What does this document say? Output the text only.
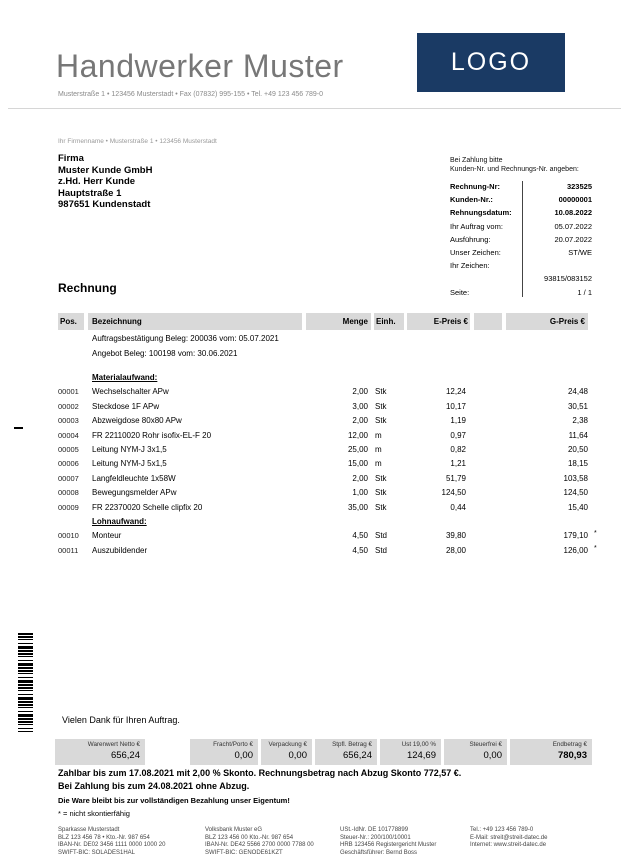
Handwerker Muster
Musterstraße 1 • 123456 Musterstadt • Fax (07832) 995-155 • Tel. +49 123 456 789-0
LOGO
Ihr Firmenname • Musterstraße 1 • 123456 Musterstadt
Firma
Muster Kunde GmbH
z.Hd. Herr Kunde
Hauptstraße 1
987651 Kundenstadt
Bei Zahlung bitte
Kunden-Nr. und Rechnungs-Nr. angeben:
Rechnung-Nr:	323525
Kunden-Nr.:	00000001
Rehnungsdatum:	10.08.2022
Ihr Auftrag vom:	05.07.2022
Ausführung:	20.07.2022
Unser Zeichen:	ST/WE
Ihr Zeichen:
93815/083152
Seite:	1 / 1
Rechnung
Pos.	Bezeichnung	Menge	Einh.	E-Preis €	G-Preis €
Auftragsbestätigung Beleg: 200036 vom: 05.07.2021
Angebot Beleg: 100198 vom: 30.06.2021
Materialaufwand:
00001 Wechselschalter APw	2,00 Stk	12,24	24,48
00002 Steckdose 1F APw	3,00 Stk	10,17	30,51
00003 Abzweigdose 80x80 APw	2,00 Stk	1,19	2,38
00004 FR 22110020 Rohr isofix-EL-F 20	12,00 m	0,97	11,64
00005 Leitung NYM-J 3x1,5	25,00 m	0,82	20,50
00006 Leitung NYM-J 5x1,5	15,00 m	1,21	18,15
00007 Langfeldleuchte 1x58W	2,00 Stk	51,79	103,58
00008 Bewegungsmelder APw	1,00 Stk	124,50	124,50
00009 FR 22370020 Schelle clipfix 20	35,00 Stk	0,44	15,40
Lohnaufwand:
00010 Monteur	4,50 Std	39,80	179,10 *
00011 Auszubildender	4,50 Std	28,00	126,00 *
Vielen Dank für Ihren Auftrag.
Warenwert Netto €
656,24
Fracht/Porto €
0,00
Verpackung €
0,00
Stpfl. Betrag €
656,24
Ust 19,00 %
124,69
Steuerfrei €
0,00
Endbetrag €
780,93
Zahlbar bis zum 17.08.2021 mit 2,00 % Skonto. Rechnungsbetrag nach Abzug Skonto 772,57 €.
Bei Zahlung bis zum 24.08.2021 ohne Abzug.
Die Ware bleibt bis zur vollständigen Bezahlung unser Eigentum!
* = nicht skontierfähig
Sparkasse Musterstadt
BLZ 123 456 78 • Kto.-Nr. 987 654
IBAN-Nr. DE02 3456 1111 0000 1000 20
SWIFT-BIC: SOLADES1HAL
Volksbank Muster eG
BLZ 123 456 00 Kto.-Nr. 987 654
IBAN-Nr. DE42 5566 2700 0000 7788 00
SWIFT-BIC: GENODE61KZT
USt.-IdNr. DE 101778899
Steuer-Nr.: 200/100/10001
HRB 123456 Registergericht Muster
Geschäftsführer: Bernd Boss
Tel.: +49 123 456 789-0
E-Mail: streit@streit-datec.de
Internet: www.streit-datec.de
